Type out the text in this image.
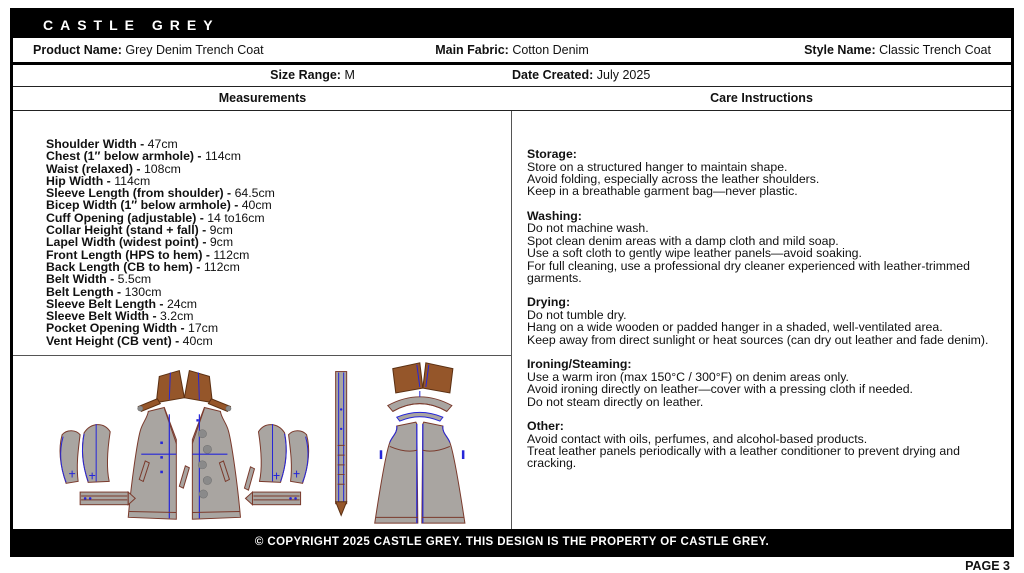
CASTLE GREY
Product Name: Grey Denim Trench Coat	Main Fabric: Cotton Denim	Style Name: Classic Trench Coat
Size Range: M	Date Created: July 2025
Measurements	Care Instructions
Shoulder Width - 47cm
Chest (1″ below armhole) - 114cm
Waist (relaxed) - 108cm
Hip Width - 114cm
Sleeve Length (from shoulder) - 64.5cm
Bicep Width (1″ below armhole) - 40cm
Cuff Opening (adjustable) - 14 to16cm
Collar Height (stand + fall) - 9cm
Lapel Width (widest point) - 9cm
Front Length (HPS to hem) - 112cm
Back Length (CB to hem) - 112cm
Belt Width - 5.5cm
Belt Length - 130cm
Sleeve Belt Length - 24cm
Sleeve Belt Width - 3.2cm
Pocket Opening Width - 17cm
Vent Height (CB vent) - 40cm
Storage:
Store on a structured hanger to maintain shape.
Avoid folding, especially across the leather shoulders.
Keep in a breathable garment bag—never plastic.
Washing:
Do not machine wash.
Spot clean denim areas with a damp cloth and mild soap.
Use a soft cloth to gently wipe leather panels—avoid soaking.
For full cleaning, use a professional dry cleaner experienced with leather-trimmed garments.
Drying:
Do not tumble dry.
Hang on a wide wooden or padded hanger in a shaded, well-ventilated area.
Keep away from direct sunlight or heat sources (can dry out leather and fade denim).
Ironing/Steaming:
Use a warm iron (max 150°C / 300°F) on denim areas only.
Avoid ironing directly on leather—cover with a pressing cloth if needed.
Do not steam directly on leather.
Other:
Avoid contact with oils, perfumes, and alcohol-based products.
Treat leather panels periodically with a leather conditioner to prevent drying and cracking.
© COPYRIGHT 2025 CASTLE GREY. THIS DESIGN IS THE PROPERTY OF CASTLE GREY.
PAGE 3
